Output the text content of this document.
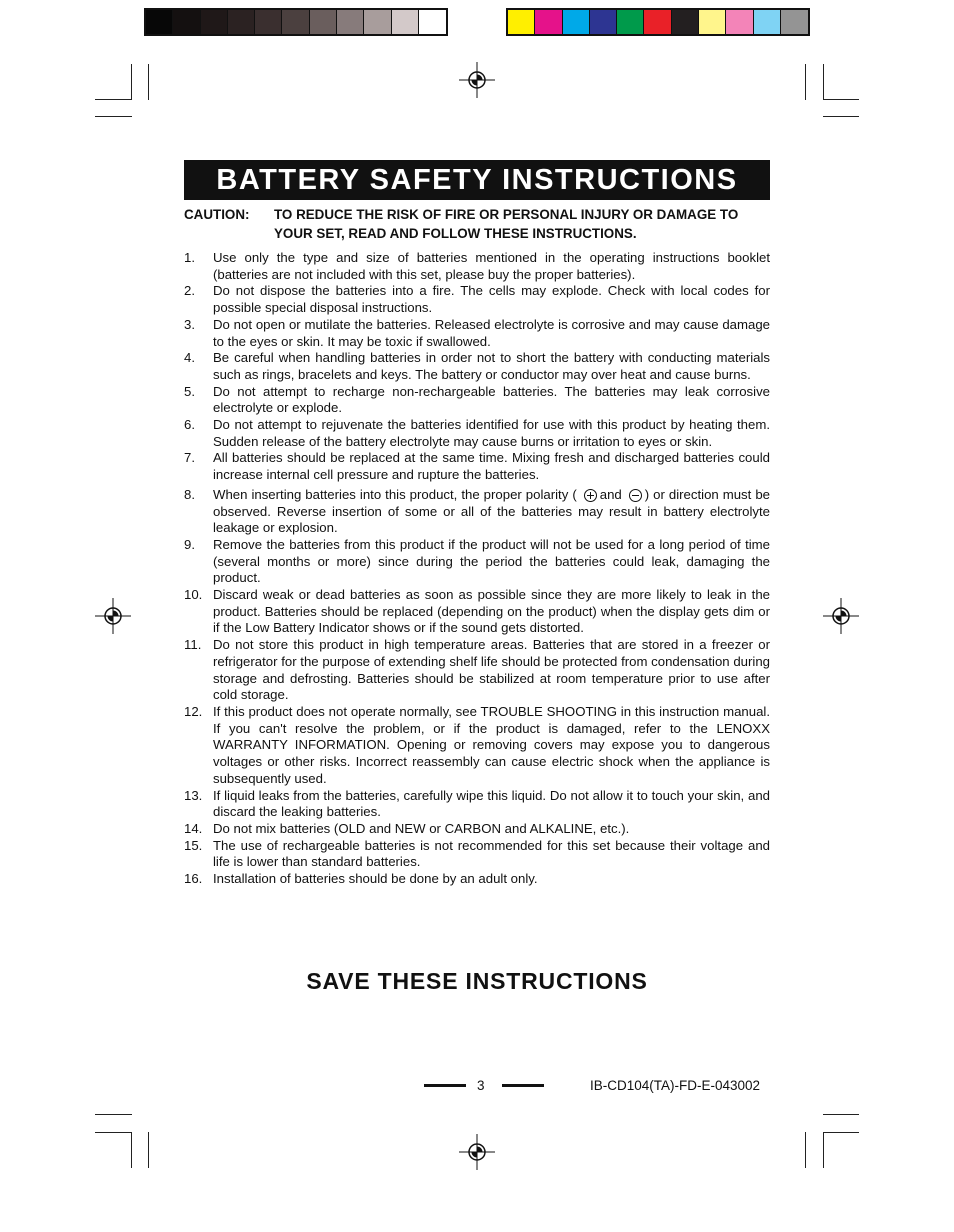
BATTERY SAFETY INSTRUCTIONS
CAUTION:	TO REDUCE THE RISK OF FIRE OR PERSONAL INJURY OR DAMAGE TO
YOUR SET, READ AND FOLLOW THESE INSTRUCTIONS.
1.	Use only the type and size of batteries mentioned in the operating instructions booklet (batteries are not included with this set, please buy the proper batteries).
2.	Do not dispose the batteries into a fire. The cells may explode. Check with local codes for possible special disposal instructions.
3.	Do not open or mutilate the batteries. Released electrolyte is corrosive and may cause damage to the eyes or skin. It may be toxic if swallowed.
4.	Be careful when handling batteries in order not to short the battery with conducting materials such as rings, bracelets and keys. The battery or conductor may over heat and cause burns.
5.	Do not attempt to recharge non-rechargeable batteries. The batteries may leak corrosive electrolyte or explode.
6.	Do not attempt to rejuvenate the batteries identified for use with this product by heating them. Sudden release of the battery electrolyte may cause burns or irritation to eyes or skin.
7.	All batteries should be replaced at the same time. Mixing fresh and discharged batteries could increase internal cell pressure and rupture the batteries.
8.	When inserting batteries into this product, the proper polarity ( and ) or direction must be observed. Reverse insertion of some or all of the batteries may result in battery electrolyte leakage or explosion.
9.	Remove the batteries from this product if the product will not be used for a long period of time (several months or more) since during the period the batteries could leak, damaging the product.
10. Discard weak or dead batteries as soon as possible since they are more likely to leak in the product. Batteries should be replaced (depending on the product) when the display gets dim or if the Low Battery Indicator shows or if the sound gets distorted.
11. Do not store this product in high temperature areas. Batteries that are stored in a freezer or refrigerator for the purpose of extending shelf life should be protected from condensation during storage and defrosting. Batteries should be stabilized at room temperature prior to use after cold storage.
12. If this product does not operate normally, see TROUBLE SHOOTING in this instruction manual. If you can't resolve the problem, or if the product is damaged, refer to the LENOXX WARRANTY INFORMATION. Opening or removing covers may expose you to dangerous voltages or other risks. Incorrect reassembly can cause electric shock when the appliance is subsequently used.
13. If liquid leaks from the batteries, carefully wipe this liquid. Do not allow it to touch your skin, and discard the leaking batteries.
14. Do not mix batteries (OLD and NEW or CARBON and ALKALINE, etc.).
15. The use of rechargeable batteries is not recommended for this set because their voltage and life is lower than standard batteries.
16. Installation of batteries should be done by an adult only.
SAVE THESE INSTRUCTIONS
3	IB-CD104(TA)-FD-E-043002
